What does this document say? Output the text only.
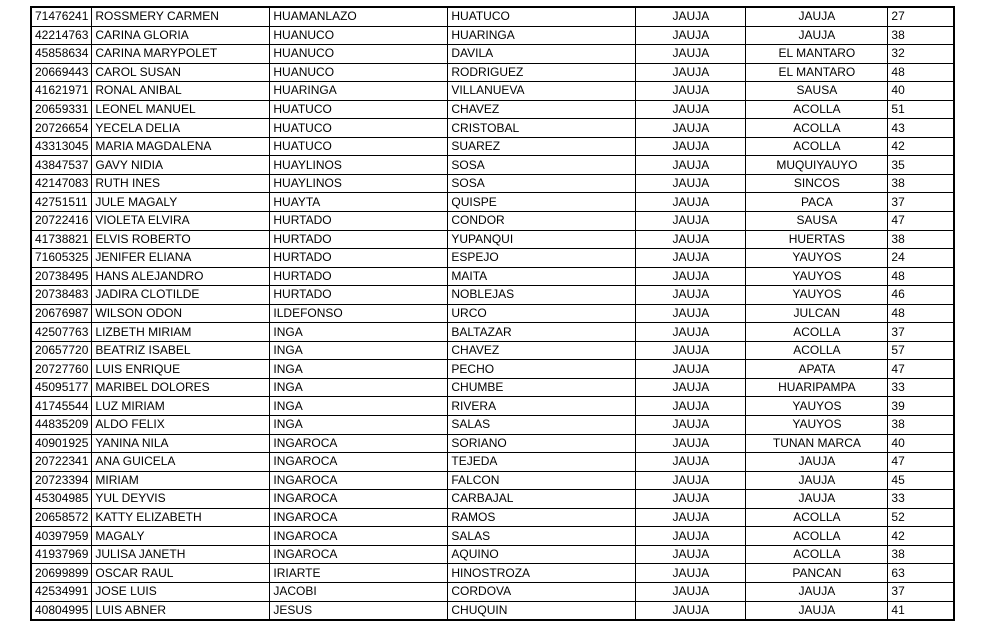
71476241	ROSSMERY CARMEN	HUAMANLAZO	HUATUCO	JAUJA	JAUJA	27
42214763	CARINA GLORIA	HUANUCO	HUARINGA	JAUJA	JAUJA	38
45858634	CARINA MARYPOLET	HUANUCO	DAVILA	JAUJA	EL MANTARO	32
20669443	CAROL SUSAN	HUANUCO	RODRIGUEZ	JAUJA	EL MANTARO	48
41621971	RONAL ANIBAL	HUARINGA	VILLANUEVA	JAUJA	SAUSA	40
20659331	LEONEL MANUEL	HUATUCO	CHAVEZ	JAUJA	ACOLLA	51
20726654	YECELA DELIA	HUATUCO	CRISTOBAL	JAUJA	ACOLLA	43
43313045	MARIA MAGDALENA	HUATUCO	SUAREZ	JAUJA	ACOLLA	42
43847537	GAVY NIDIA	HUAYLINOS	SOSA	JAUJA	MUQUIYAUYO	35
42147083	RUTH INES	HUAYLINOS	SOSA	JAUJA	SINCOS	38
42751511	JULE MAGALY	HUAYTA	QUISPE	JAUJA	PACA	37
20722416	VIOLETA ELVIRA	HURTADO	CONDOR	JAUJA	SAUSA	47
41738821	ELVIS ROBERTO	HURTADO	YUPANQUI	JAUJA	HUERTAS	38
71605325	JENIFER ELIANA	HURTADO	ESPEJO	JAUJA	YAUYOS	24
20738495	HANS ALEJANDRO	HURTADO	MAITA	JAUJA	YAUYOS	48
20738483	JADIRA CLOTILDE	HURTADO	NOBLEJAS	JAUJA	YAUYOS	46
20676987	WILSON ODON	ILDEFONSO	URCO	JAUJA	JULCAN	48
42507763	LIZBETH MIRIAM	INGA	BALTAZAR	JAUJA	ACOLLA	37
20657720	BEATRIZ ISABEL	INGA	CHAVEZ	JAUJA	ACOLLA	57
20727760	LUIS ENRIQUE	INGA	PECHO	JAUJA	APATA	47
45095177	MARIBEL DOLORES	INGA	CHUMBE	JAUJA	HUARIPAMPA	33
41745544	LUZ MIRIAM	INGA	RIVERA	JAUJA	YAUYOS	39
44835209	ALDO FELIX	INGA	SALAS	JAUJA	YAUYOS	38
40901925	YANINA NILA	INGAROCA	SORIANO	JAUJA	TUNAN MARCA	40
20722341	ANA GUICELA	INGAROCA	TEJEDA	JAUJA	JAUJA	47
20723394	MIRIAM	INGAROCA	FALCON	JAUJA	JAUJA	45
45304985	YUL DEYVIS	INGAROCA	CARBAJAL	JAUJA	JAUJA	33
20658572	KATTY ELIZABETH	INGAROCA	RAMOS	JAUJA	ACOLLA	52
40397959	MAGALY	INGAROCA	SALAS	JAUJA	ACOLLA	42
41937969	JULISA JANETH	INGAROCA	AQUINO	JAUJA	ACOLLA	38
20699899	OSCAR RAUL	IRIARTE	HINOSTROZA	JAUJA	PANCAN	63
42534991	JOSE LUIS	JACOBI	CORDOVA	JAUJA	JAUJA	37
40804995	LUIS ABNER	JESUS	CHUQUIN	JAUJA	JAUJA	41
